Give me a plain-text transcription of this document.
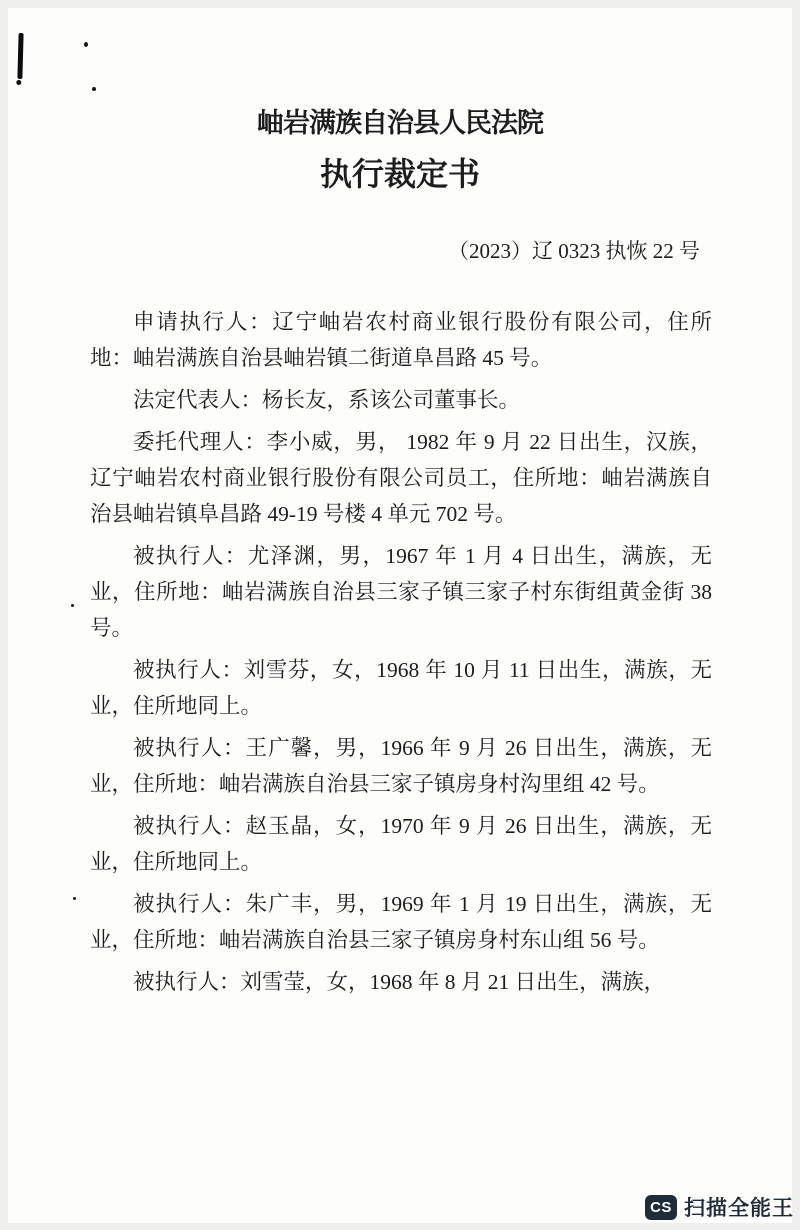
岫岩满族自治县人民法院
执行裁定书
（2023）辽 0323 执恢 22 号

申请执行人：辽宁岫岩农村商业银行股份有限公司，住所地：岫岩满族自治县岫岩镇二街道阜昌路 45 号。

法定代表人：杨长友，系该公司董事长。

委托代理人：李小威，男， 1982 年 9 月 22 日出生，汉族，辽宁岫岩农村商业银行股份有限公司员工，住所地：岫岩满族自治县岫岩镇阜昌路 49-19 号楼 4 单元 702 号。

被执行人：尤泽渊，男，1967 年 1 月 4 日出生，满族，无业，住所地：岫岩满族自治县三家子镇三家子村东街组黄金街 38 号。

被执行人：刘雪芬，女，1968 年 10 月 11 日出生，满族，无业，住所地同上。

被执行人：王广馨，男，1966 年 9 月 26 日出生，满族，无业，住所地：岫岩满族自治县三家子镇房身村沟里组 42 号。

被执行人：赵玉晶，女，1970 年 9 月 26 日出生，满族，无业，住所地同上。

被执行人：朱广丰，男，1969 年 1 月 19 日出生，满族，无业，住所地：岫岩满族自治县三家子镇房身村东山组 56 号。

被执行人：刘雪莹，女，1968 年 8 月 21 日出生，满族，

CS 扫描全能王
